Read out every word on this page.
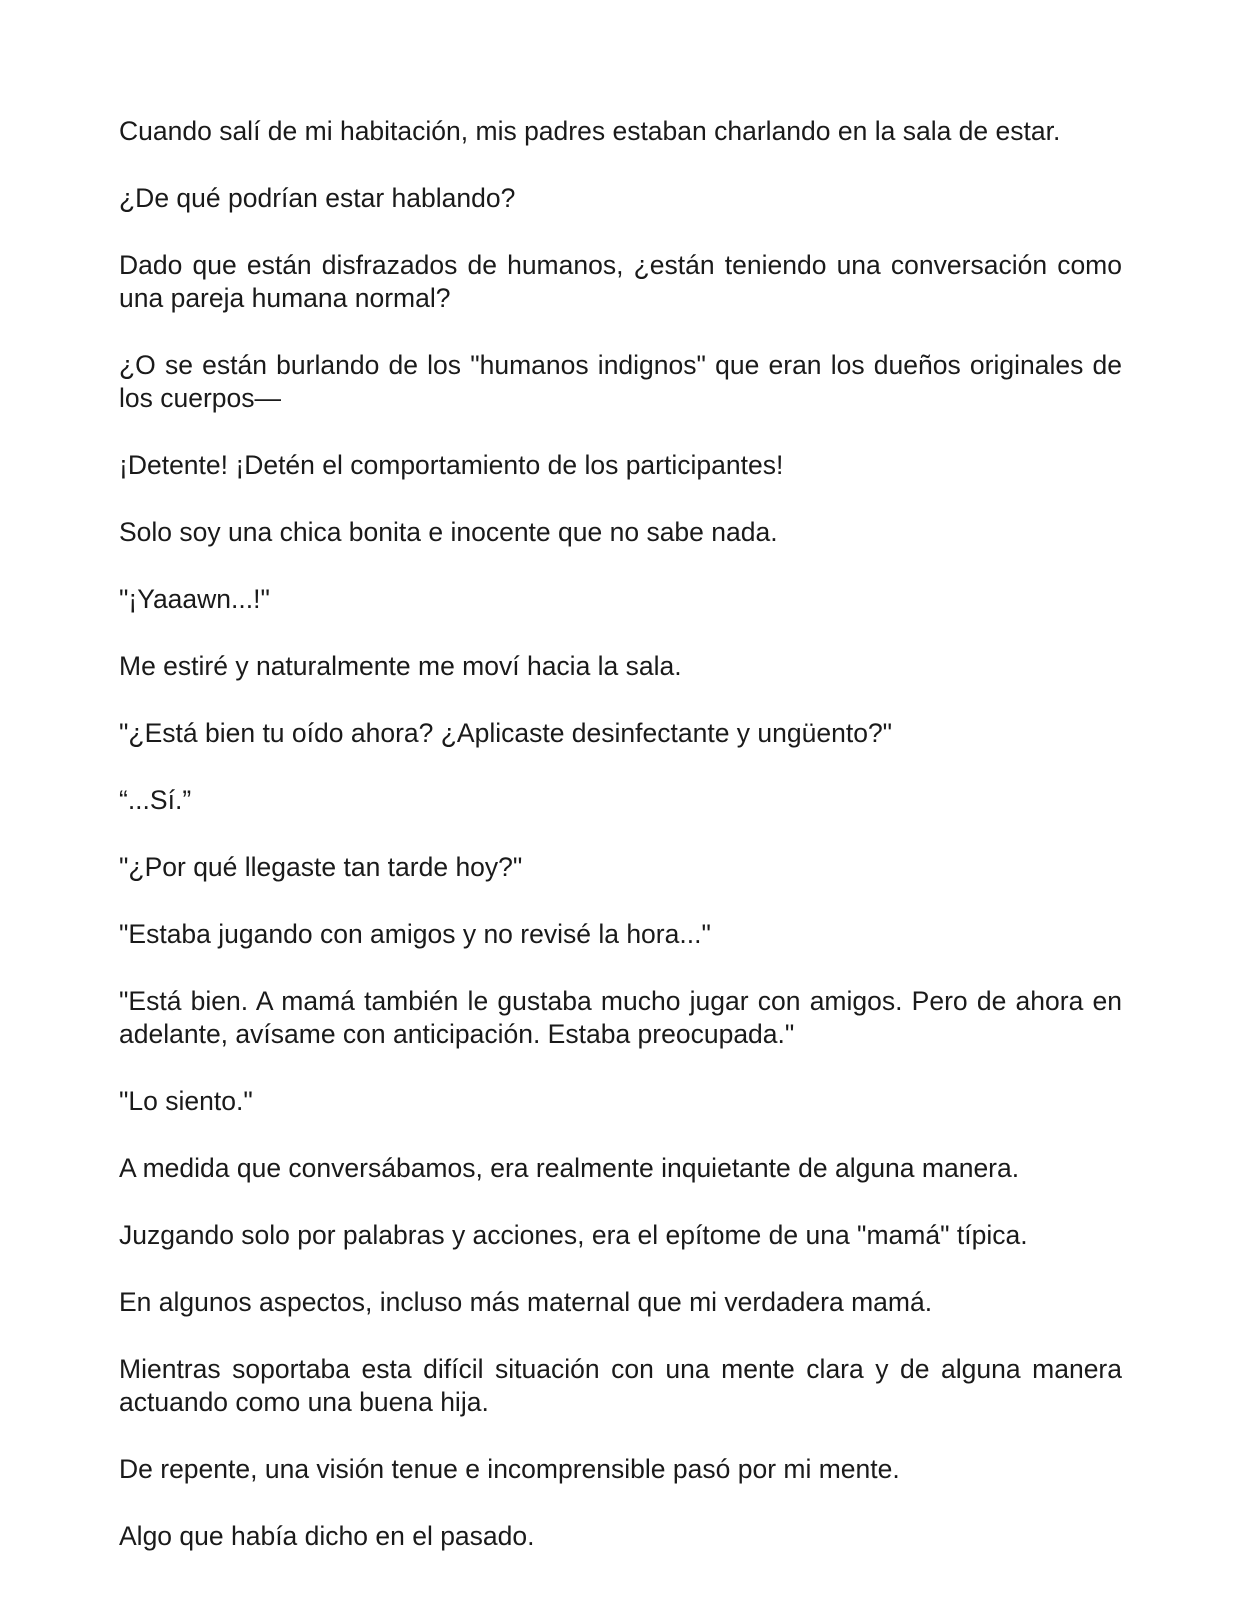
Cuando salí de mi habitación, mis padres estaban charlando en la sala de estar.

¿De qué podrían estar hablando?

Dado que están disfrazados de humanos, ¿están teniendo una conversación como una pareja humana normal?

¿O se están burlando de los "humanos indignos" que eran los dueños originales de los cuerpos—

¡Detente! ¡Detén el comportamiento de los participantes!

Solo soy una chica bonita e inocente que no sabe nada.

"¡Yaaawn...!"

Me estiré y naturalmente me moví hacia la sala.

"¿Está bien tu oído ahora? ¿Aplicaste desinfectante y ungüento?"

“...Sí.”

"¿Por qué llegaste tan tarde hoy?"

"Estaba jugando con amigos y no revisé la hora..."

"Está bien. A mamá también le gustaba mucho jugar con amigos. Pero de ahora en adelante, avísame con anticipación. Estaba preocupada."

"Lo siento."

A medida que conversábamos, era realmente inquietante de alguna manera.

Juzgando solo por palabras y acciones, era el epítome de una "mamá" típica.

En algunos aspectos, incluso más maternal que mi verdadera mamá.

Mientras soportaba esta difícil situación con una mente clara y de alguna manera actuando como una buena hija.

De repente, una visión tenue e incomprensible pasó por mi mente.

Algo que había dicho en el pasado.
